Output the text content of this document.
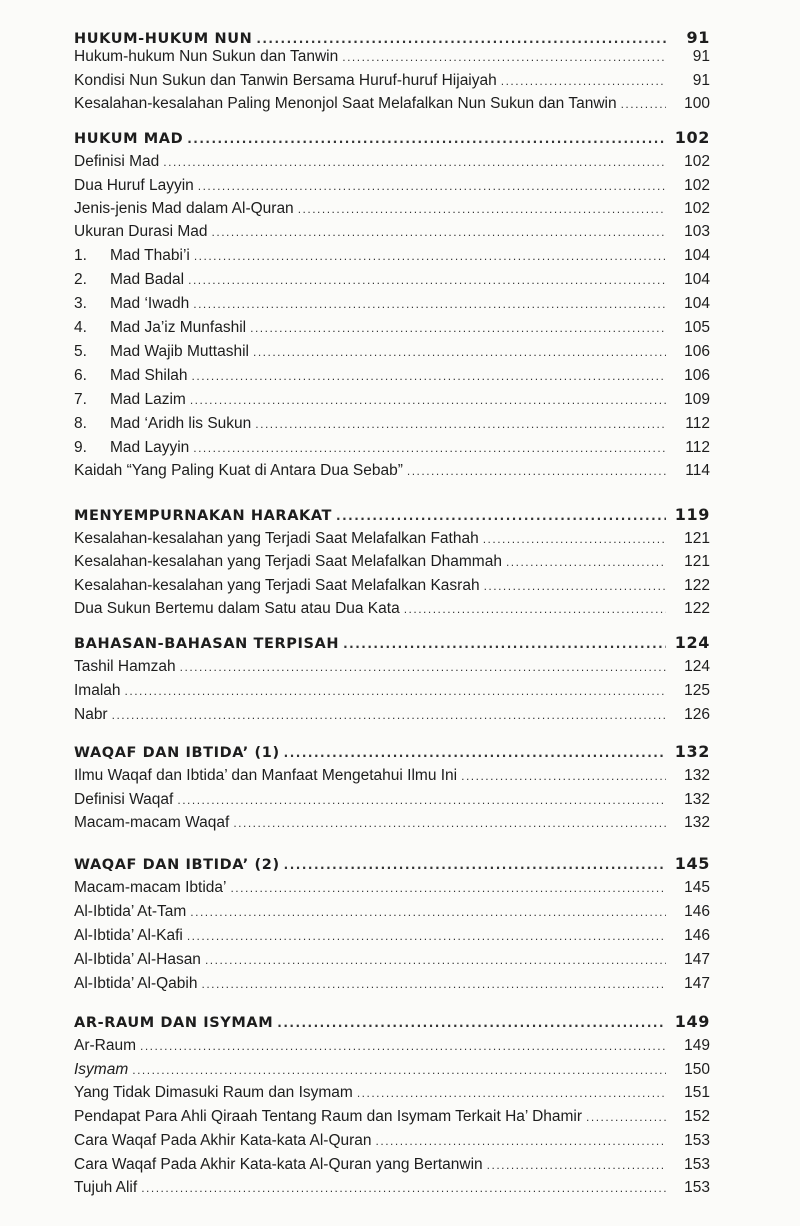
HUKUM-HUKUM NUN .....	91
Hukum-hukum Nun Sukun dan Tanwin .....	91
Kondisi Nun Sukun dan Tanwin Bersama Huruf-huruf Hijaiyah .....	91
Kesalahan-kesalahan Paling Menonjol Saat Melafalkan Nun Sukun dan Tanwin .....	100
HUKUM MAD .....	102
Definisi Mad .....	102
Dua Huruf Layyin .....	102
Jenis-jenis Mad dalam Al-Quran .....	102
Ukuran Durasi Mad .....	103
1.	Mad Thabi’i .....	104
2.	Mad Badal .....	104
3.	Mad ‘Iwadh .....	104
4.	Mad Ja’iz Munfashil .....	105
5.	Mad Wajib Muttashil .....	106
6.	Mad Shilah .....	106
7.	Mad Lazim .....	109
8.	Mad ‘Aridh lis Sukun .....	112
9.	Mad Layyin .....	112
Kaidah “Yang Paling Kuat di Antara Dua Sebab” .....	114
MENYEMPURNAKAN HARAKAT .....	119
Kesalahan-kesalahan yang Terjadi Saat Melafalkan Fathah .....	121
Kesalahan-kesalahan yang Terjadi Saat Melafalkan Dhammah .....	121
Kesalahan-kesalahan yang Terjadi Saat Melafalkan Kasrah .....	122
Dua Sukun Bertemu dalam Satu atau Dua Kata .....	122
BAHASAN-BAHASAN TERPISAH .....	124
Tashil Hamzah .....	124
Imalah .....	125
Nabr .....	126
WAQAF DAN IBTIDA’ (1) .....	132
Ilmu Waqaf dan Ibtida’ dan Manfaat Mengetahui Ilmu Ini .....	132
Definisi Waqaf .....	132
Macam-macam Waqaf .....	132
WAQAF DAN IBTIDA’ (2) .....	145
Macam-macam Ibtida’ .....	145
Al-Ibtida’ At-Tam .....	146
Al-Ibtida’ Al-Kafi .....	146
Al-Ibtida’ Al-Hasan .....	147
Al-Ibtida’ Al-Qabih .....	147
AR-RAUM DAN ISYMAM .....	149
Ar-Raum .....	149
Isymam .....	150
Yang Tidak Dimasuki Raum dan Isymam .....	151
Pendapat Para Ahli Qiraah Tentang Raum dan Isymam Terkait Ha’ Dhamir .....	152
Cara Waqaf Pada Akhir Kata-kata Al-Quran .....	153
Cara Waqaf Pada Akhir Kata-kata Al-Quran yang Bertanwin .....	153
Tujuh Alif .....	153
